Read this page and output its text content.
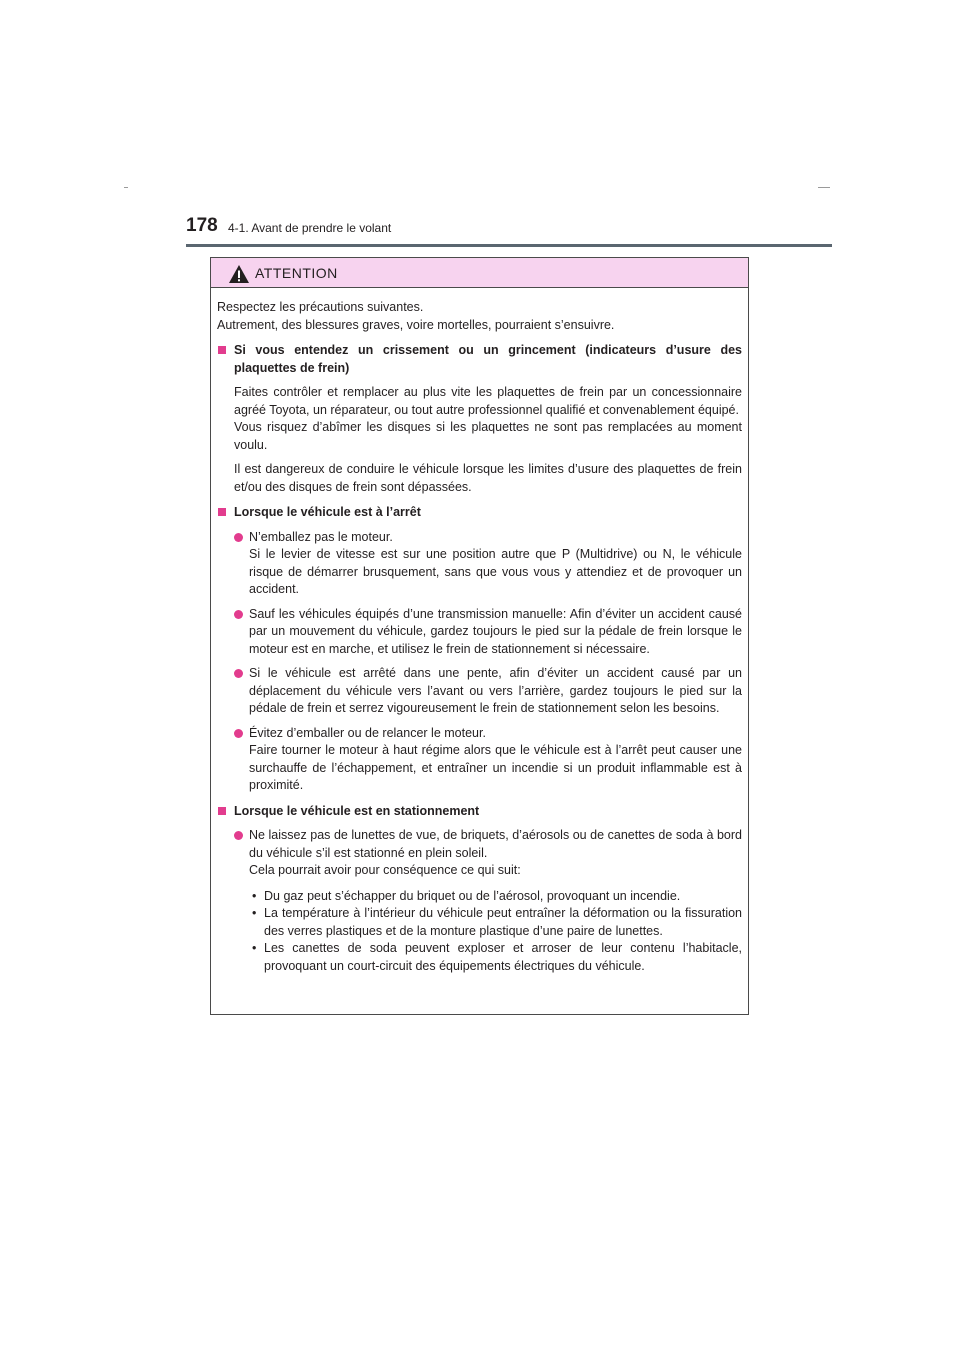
178 4-1. Avant de prendre le volant
ATTENTION

Respectez les précautions suivantes.

Autrement, des blessures graves, voire mortelles, pourraient s’ensuivre.

Si vous entendez un crissement ou un grincement (indicateurs d’usure des plaquettes de frein)
Faites contrôler et remplacer au plus vite les plaquettes de frein par un concessionnaire agréé Toyota, un réparateur, ou tout autre professionnel qualifié et convenablement équipé.
Vous risquez d’abîmer les disques si les plaquettes ne sont pas remplacées au moment voulu.
Il est dangereux de conduire le véhicule lorsque les limites d’usure des plaquettes de frein et/ou des disques de frein sont dépassées.
Lorsque le véhicule est à l’arrêt
N’emballez pas le moteur.
Si le levier de vitesse est sur une position autre que P (Multidrive) ou N, le véhicule risque de démarrer brusquement, sans que vous vous y attendiez et de provoquer un accident.
Sauf les véhicules équipés d’une transmission manuelle: Afin d’éviter un accident causé par un mouvement du véhicule, gardez toujours le pied sur la pédale de frein lorsque le moteur est en marche, et utilisez le frein de stationnement si nécessaire.
Si le véhicule est arrêté dans une pente, afin d’éviter un accident causé par un déplacement du véhicule vers l’avant ou vers l’arrière, gardez toujours le pied sur la pédale de frein et serrez vigoureusement le frein de stationnement selon les besoins.
Évitez d’emballer ou de relancer le moteur.
Faire tourner le moteur à haut régime alors que le véhicule est à l’arrêt peut causer une surchauffe de l’échappement, et entraîner un incendie si un produit inflammable est à proximité.
Lorsque le véhicule est en stationnement
Ne laissez pas de lunettes de vue, de briquets, d’aérosols ou de canettes de soda à bord du véhicule s’il est stationné en plein soleil.
Cela pourrait avoir pour conséquence ce qui suit:
• Du gaz peut s’échapper du briquet ou de l’aérosol, provoquant un incendie.
• La température à l’intérieur du véhicule peut entraîner la déformation ou la fissuration des verres plastiques et de la monture plastique d’une paire de lunettes.
• Les canettes de soda peuvent exploser et arroser de leur contenu l’habitacle, provoquant un court-circuit des équipements électriques du véhicule.
